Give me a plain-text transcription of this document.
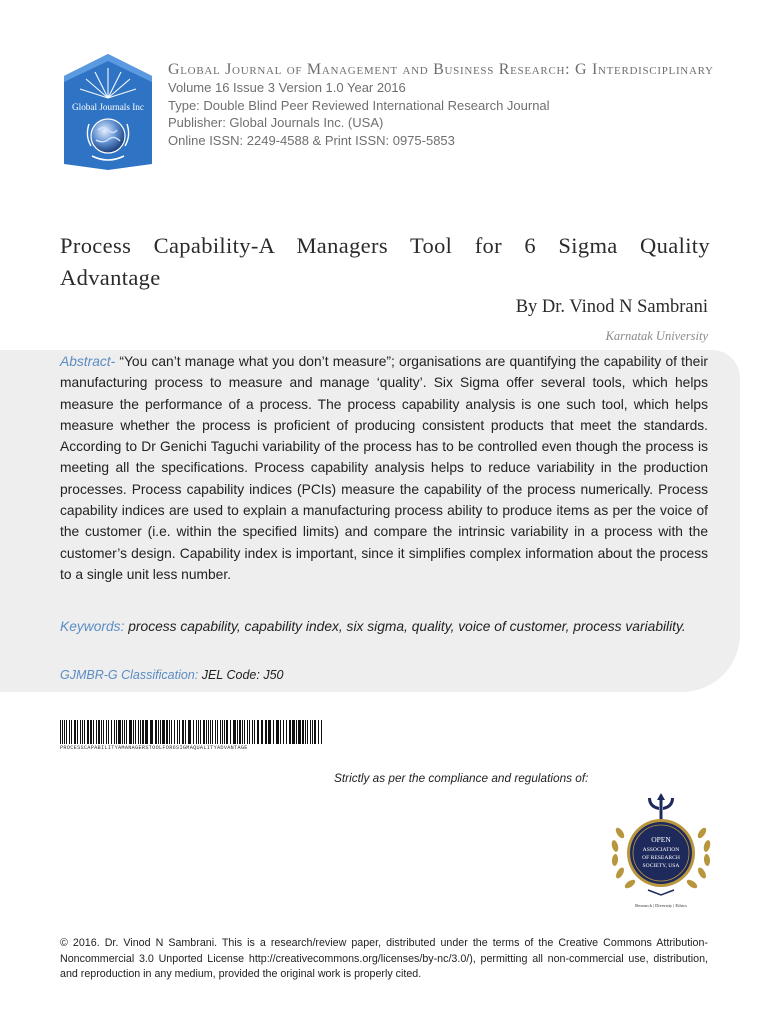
Global Journals Inc
Global Journal of Management and Business Research: G Interdisciplinary
Volume 16 Issue 3 Version 1.0 Year 2016
Type: Double Blind Peer Reviewed International Research Journal
Publisher: Global Journals Inc. (USA)
Online ISSN: 2249-4588 & Print ISSN: 0975-5853
Process Capability-A Managers Tool for 6 Sigma Quality Advantage
By Dr. Vinod N Sambrani
Karnatak University
Abstract- “You can’t manage what you don’t measure”; organisations are quantifying the capability of their manufacturing process to measure and manage ‘quality’. Six Sigma offer several tools, which helps measure the performance of a process. The process capability analysis is one such tool, which helps measure whether the process is proficient of producing consistent products that meet the standards. According to Dr Genichi Taguchi variability of the process has to be controlled even though the process is meeting all the specifications. Process capability analysis helps to reduce variability in the production processes. Process capability indices (PCIs) measure the capability of the process numerically. Process capability indices are used to explain a manufacturing process ability to produce items as per the voice of the customer (i.e. within the specified limits) and compare the intrinsic variability in a process with the customer’s design. Capability index is important, since it simplifies complex information about the process to a single unit less number.
Keywords: process capability, capability index, six sigma, quality, voice of customer, process variability.
GJMBR-G Classification: JEL Code: J50
PROCESSCAPABILITYAMANAGERSTOOLFOR6SIGMAQUALITYADVANTAGE
Strictly as per the compliance and regulations of:
OPEN
ASSOCIATION
OF RESEARCH
SOCIETY, USA
Research | Diversity | Ethics
© 2016. Dr. Vinod N Sambrani. This is a research/review paper, distributed under the terms of the Creative Commons Attribution-Noncommercial 3.0 Unported License http://creativecommons.org/licenses/by-nc/3.0/), permitting all non-commercial use, distribution, and reproduction in any medium, provided the original work is properly cited.
